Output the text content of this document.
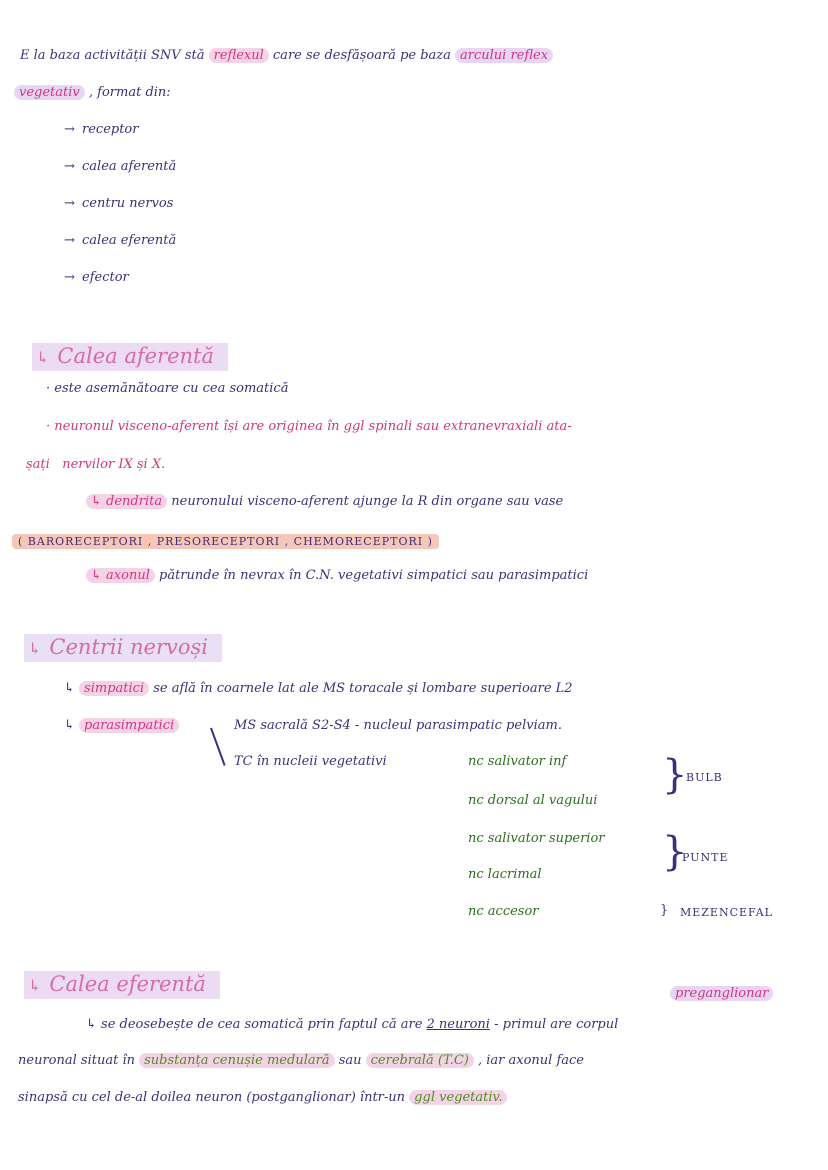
Ε la baza activității SNV stă reflexul care se desfășoară pe baza arcului reflex
vegetativ , format din:
→ receptor
→ calea aferentă
→ centru nervos
→ calea eferentă
→ efector
↳ Calea aferentă
· este asemănătoare cu cea somatică
· neuronul visceno-aferent își are originea în ggl spinali sau extranevraxiali ata-
șați nervilor IX și X.
↳ dendrita neuronului visceno-aferent ajunge la R din organe sau vase
( BARORECEPTORI , PRESORECEPTORI , CHEMORECEPTORI )
↳ axonul pătrunde în nevrax în C.N. vegetativi simpatici sau parasimpatici
↳ Centrii nervoși
↳ simpatici se află în coarnele lat ale MS toracale și lombare superioare L2
↳ parasimpatici	MS sacrală S2-S4 - nucleul parasimpatic pelviam.
TC în nucleii vegetativi	nc salivator inf
nc dorsal al vagului
nc salivator superior
nc lacrimal
nc accesor
}
BULB
}
PUNTE
} MEZENCEFAL
↳ Calea eferentă	preganglionar
↳ se deosebește de cea somatică prin faptul că are 2 neuroni - primul are corpul
neuronal situat în substanța cenușie medulară sau cerebrală (T.C) , iar axonul face
sinapsă cu cel de-al doilea neuron (postganglionar) într-un ggl vegetativ.
